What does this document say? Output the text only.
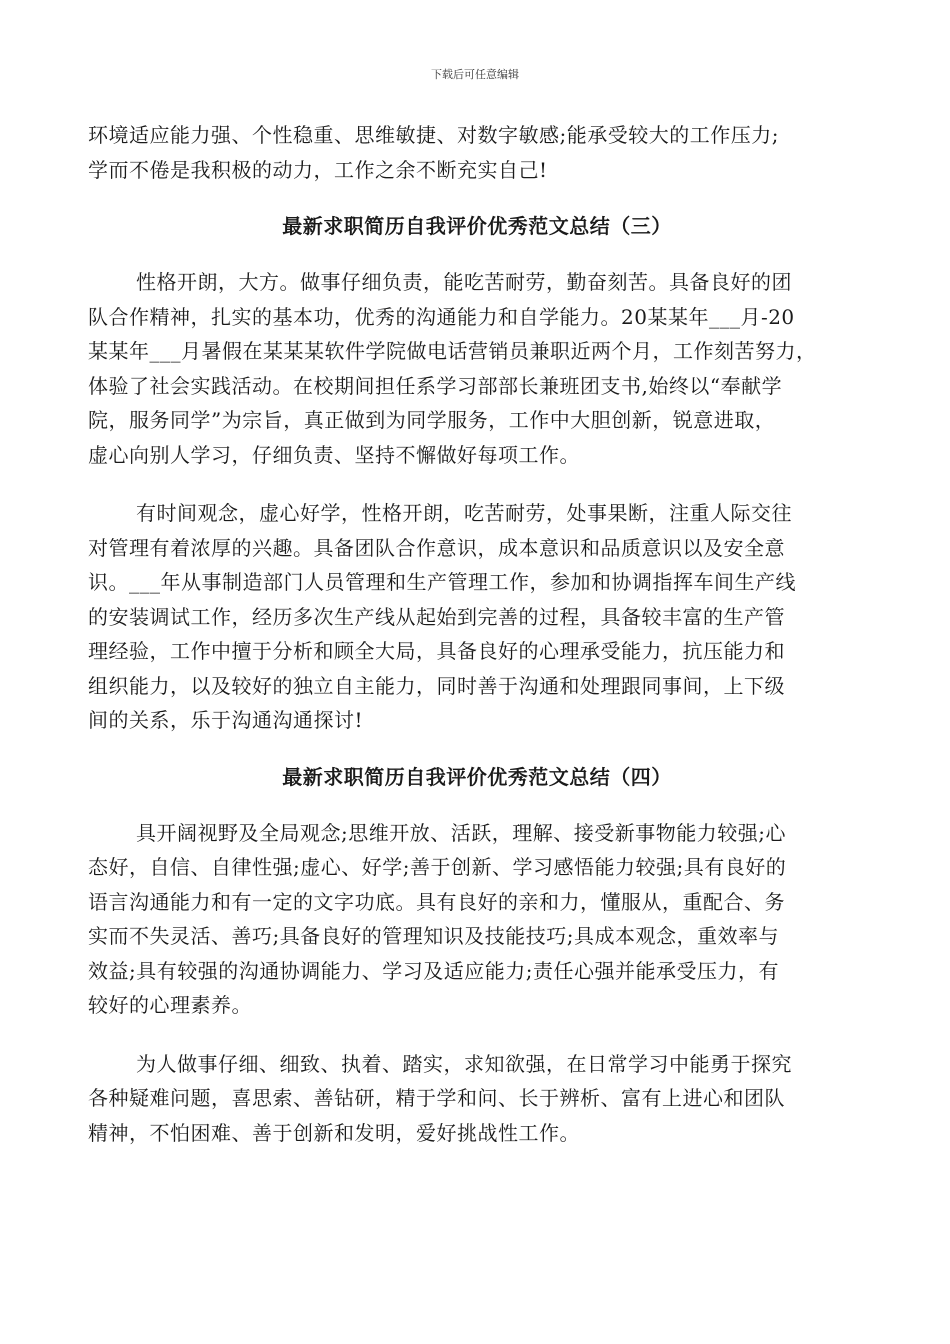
下载后可任意编辑
环境适应能力强、个性稳重、思维敏捷、对数字敏感;能承受较大的工作压力;
学而不倦是我积极的动力，工作之余不断充实自己!
最新求职简历自我评价优秀范文总结（三）
性格开朗，大方。做事仔细负责，能吃苦耐劳，勤奋刻苦。具备良好的团
队合作精神，扎实的基本功，优秀的沟通能力和自学能力。20某某年___月-20
某某年___月暑假在某某某软件学院做电话营销员兼职近两个月，工作刻苦努力，
体验了社会实践活动。在校期间担任系学习部部长兼班团支书,始终以“奉献学
院，服务同学”为宗旨，真正做到为同学服务，工作中大胆创新，锐意进取，
虚心向别人学习，仔细负责、坚持不懈做好每项工作。
有时间观念，虚心好学，性格开朗，吃苦耐劳，处事果断，注重人际交往
对管理有着浓厚的兴趣。具备团队合作意识，成本意识和品质意识以及安全意
识。___年从事制造部门人员管理和生产管理工作，参加和协调指挥车间生产线
的安装调试工作，经历多次生产线从起始到完善的过程，具备较丰富的生产管
理经验，工作中擅于分析和顾全大局，具备良好的心理承受能力，抗压能力和
组织能力，以及较好的独立自主能力，同时善于沟通和处理跟同事间，上下级
间的关系，乐于沟通沟通探讨!
最新求职简历自我评价优秀范文总结（四）
具开阔视野及全局观念;思维开放、活跃，理解、接受新事物能力较强;心
态好，自信、自律性强;虚心、好学;善于创新、学习感悟能力较强;具有良好的
语言沟通能力和有一定的文字功底。具有良好的亲和力，懂服从，重配合、务
实而不失灵活、善巧;具备良好的管理知识及技能技巧;具成本观念，重效率与
效益;具有较强的沟通协调能力、学习及适应能力;责任心强并能承受压力，有
较好的心理素养。
为人做事仔细、细致、执着、踏实，求知欲强，在日常学习中能勇于探究
各种疑难问题，喜思索、善钻研，精于学和问、长于辨析、富有上进心和团队
精神，不怕困难、善于创新和发明，爱好挑战性工作。
